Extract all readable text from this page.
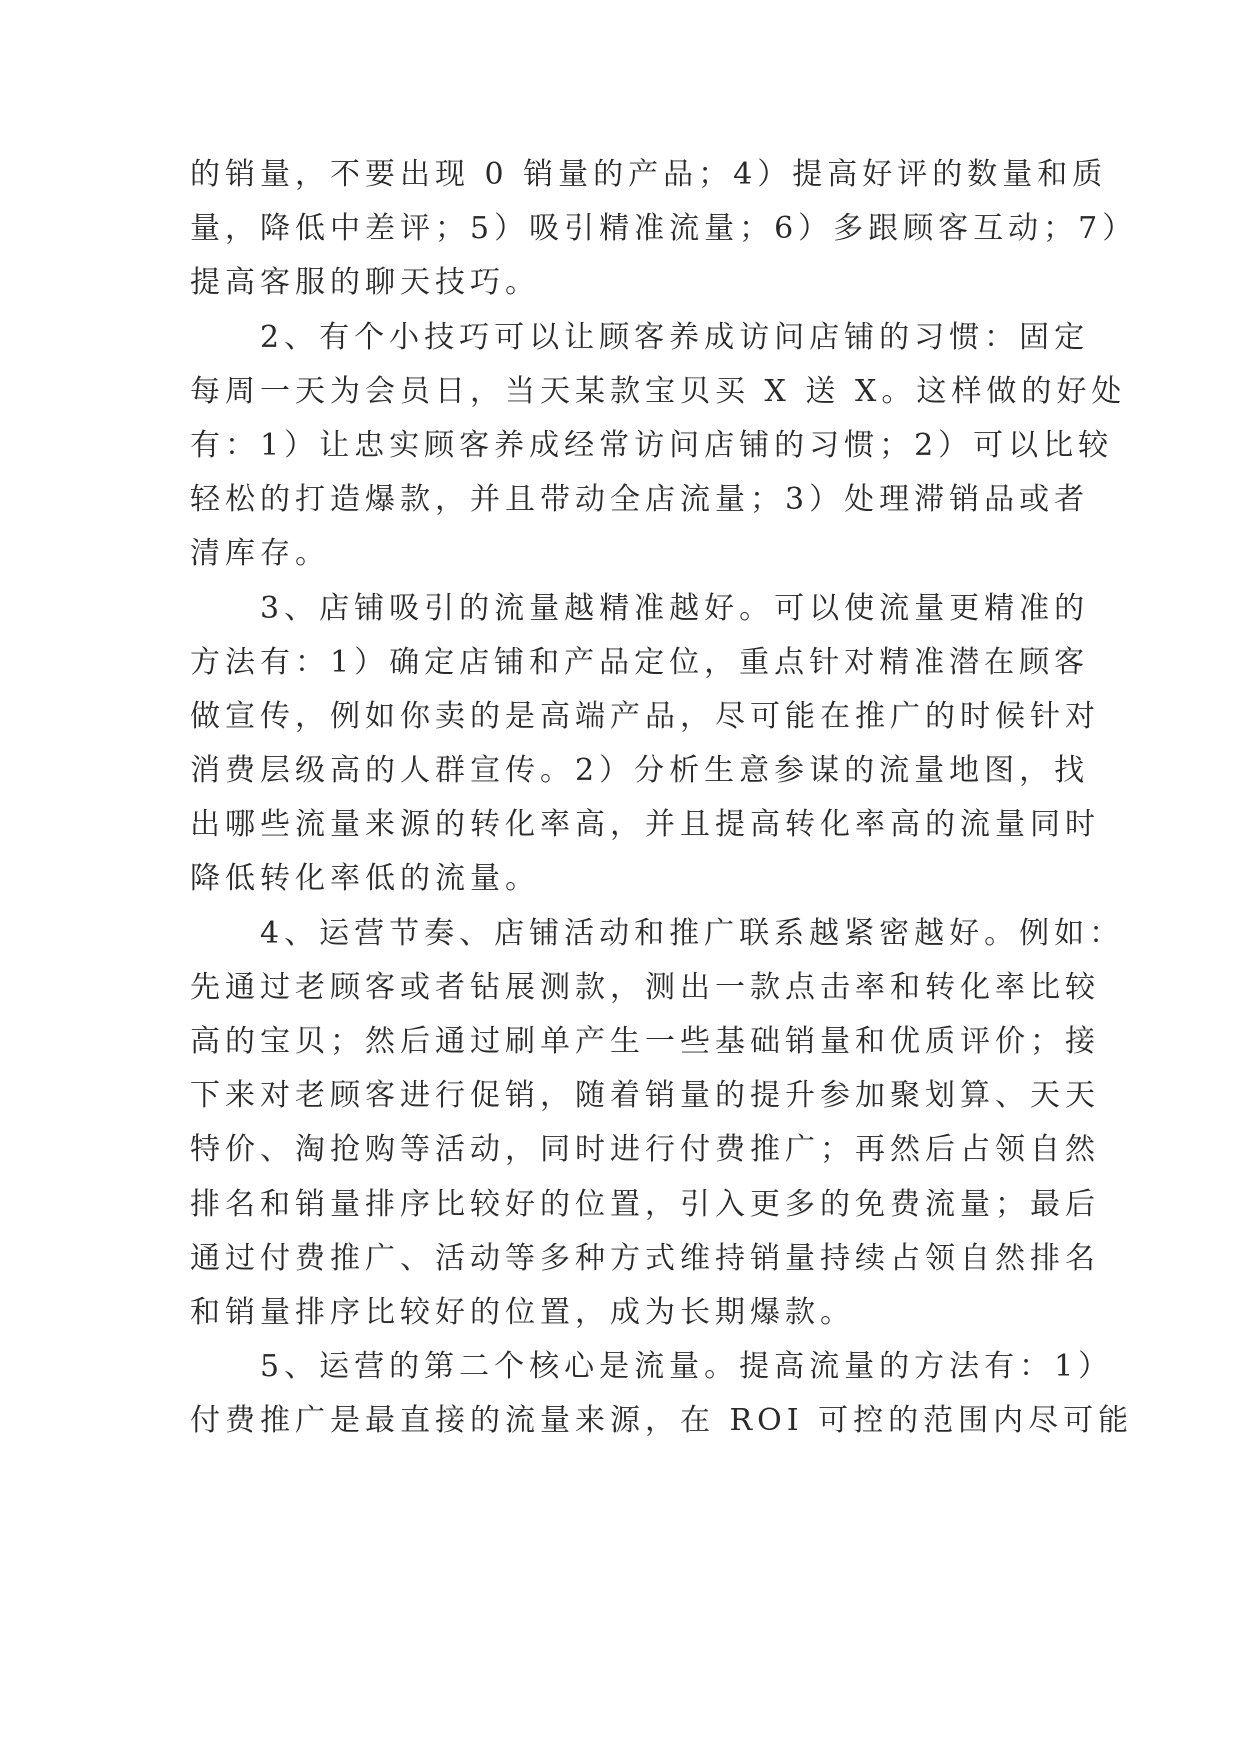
的销量，不要出现 0 销量的产品；4）提高好评的数量和质
量，降低中差评；5）吸引精准流量；6）多跟顾客互动；7）
提高客服的聊天技巧。
2、有个小技巧可以让顾客养成访问店铺的习惯：固定
每周一天为会员日，当天某款宝贝买 X 送 X。这样做的好处
有：1）让忠实顾客养成经常访问店铺的习惯；2）可以比较
轻松的打造爆款，并且带动全店流量；3）处理滞销品或者
清库存。
3、店铺吸引的流量越精准越好。可以使流量更精准的
方法有：1）确定店铺和产品定位，重点针对精准潜在顾客
做宣传，例如你卖的是高端产品，尽可能在推广的时候针对
消费层级高的人群宣传。2）分析生意参谋的流量地图，找
出哪些流量来源的转化率高，并且提高转化率高的流量同时
降低转化率低的流量。
4、运营节奏、店铺活动和推广联系越紧密越好。例如：
先通过老顾客或者钻展测款，测出一款点击率和转化率比较
高的宝贝；然后通过刷单产生一些基础销量和优质评价；接
下来对老顾客进行促销，随着销量的提升参加聚划算、天天
特价、淘抢购等活动，同时进行付费推广；再然后占领自然
排名和销量排序比较好的位置，引入更多的免费流量；最后
通过付费推广、活动等多种方式维持销量持续占领自然排名
和销量排序比较好的位置，成为长期爆款。
5、运营的第二个核心是流量。提高流量的方法有：1）
付费推广是最直接的流量来源，在 ROI 可控的范围内尽可能
